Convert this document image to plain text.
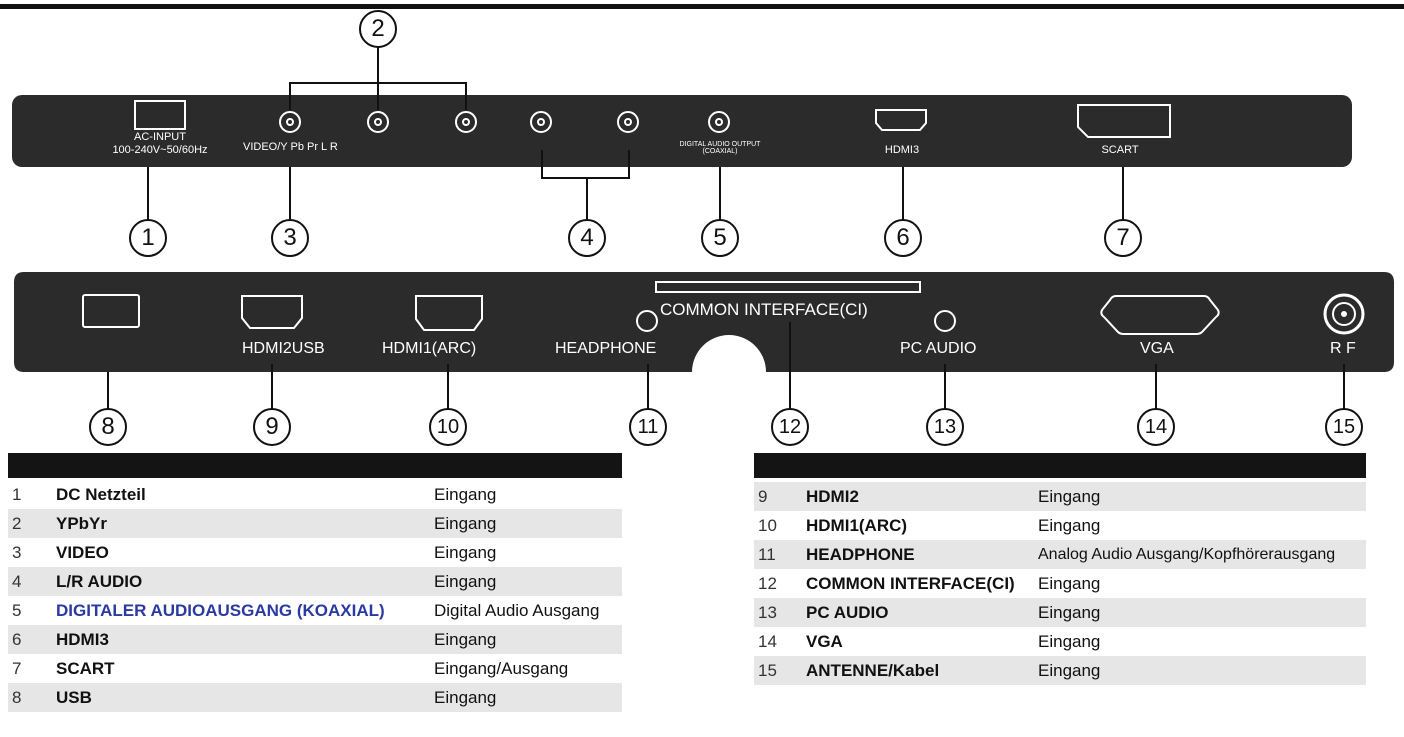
AC-INPUT
100-240V~50/60Hz	VIDEO/Y Pb Pr L R	DIGITAL AUDIO OUTPUT
(COAXIAL)	HDMI3	SCART
2
1	3	4	5	6	7
HDMI2USB	HDMI1(ARC)	HEADPHONE
COMMON INTERFACE(CI)
PC AUDIO	VGA	R F
8	9	10	11	12	13	14	15
1	DC Netzteil	Eingang
2	YPbYr	Eingang
3	VIDEO	Eingang
4	L/R AUDIO	Eingang
5	DIGITALER AUDIOAUSGANG (KOAXIAL)	Digital Audio Ausgang
6	HDMI3	Eingang
7	SCART	Eingang/Ausgang
8	USB	Eingang
9	HDMI2	Eingang
10	HDMI1(ARC)	Eingang
11	HEADPHONE	Analog Audio Ausgang/Kopfhörerausgang
12	COMMON INTERFACE(CI)	Eingang
13	PC AUDIO	Eingang
14	VGA	Eingang
15	ANTENNE/Kabel	Eingang
